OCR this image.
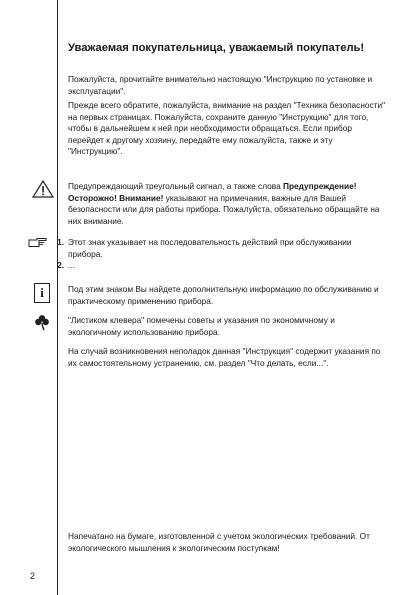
Уважаемая покупательница, уважаемый покупатель!

Пожалуйста, прочитайте внимательно настоящую "Инструкцию по установке и эксплуатации".

Прежде всего обратите, пожалуйста, внимание на раздел "Техника безопасности" на первых страницах. Пожалуйста, сохраните данную "Инструкцию" для того, чтобы в дальнейшем к ней при необходимости обращаться. Если прибор перейдет к другому хозяину, передайте ему пожалуйста, также и эту "Инструкцию".

Предупреждающий треугольный сигнал, а также слова Предупреждение! Осторожно! Внимание! указывают на примечания, важные для Вашей безопасности или для работы прибора. Пожалуйста, обязательно обращайте на них внимание.

1. Этот знак указывает на последовательность действий при обслуживании прибора.
2. ...
i	Под этим знаком Вы найдете дополнительную информацию по обслуживанию и практическому применению прибора.

"Листиком клевера" помечены советы и указания по экономичному и экологичному использованию прибора.

На случай возникновения неполадок данная "Инструкция" содержит указания по их самостоятельному устранению, см. раздел "Что делать, если...".

Напечатано на бумаге, изготовленной с учетом экологических требований. От экологического мышления к экологическим поступкам!

2
